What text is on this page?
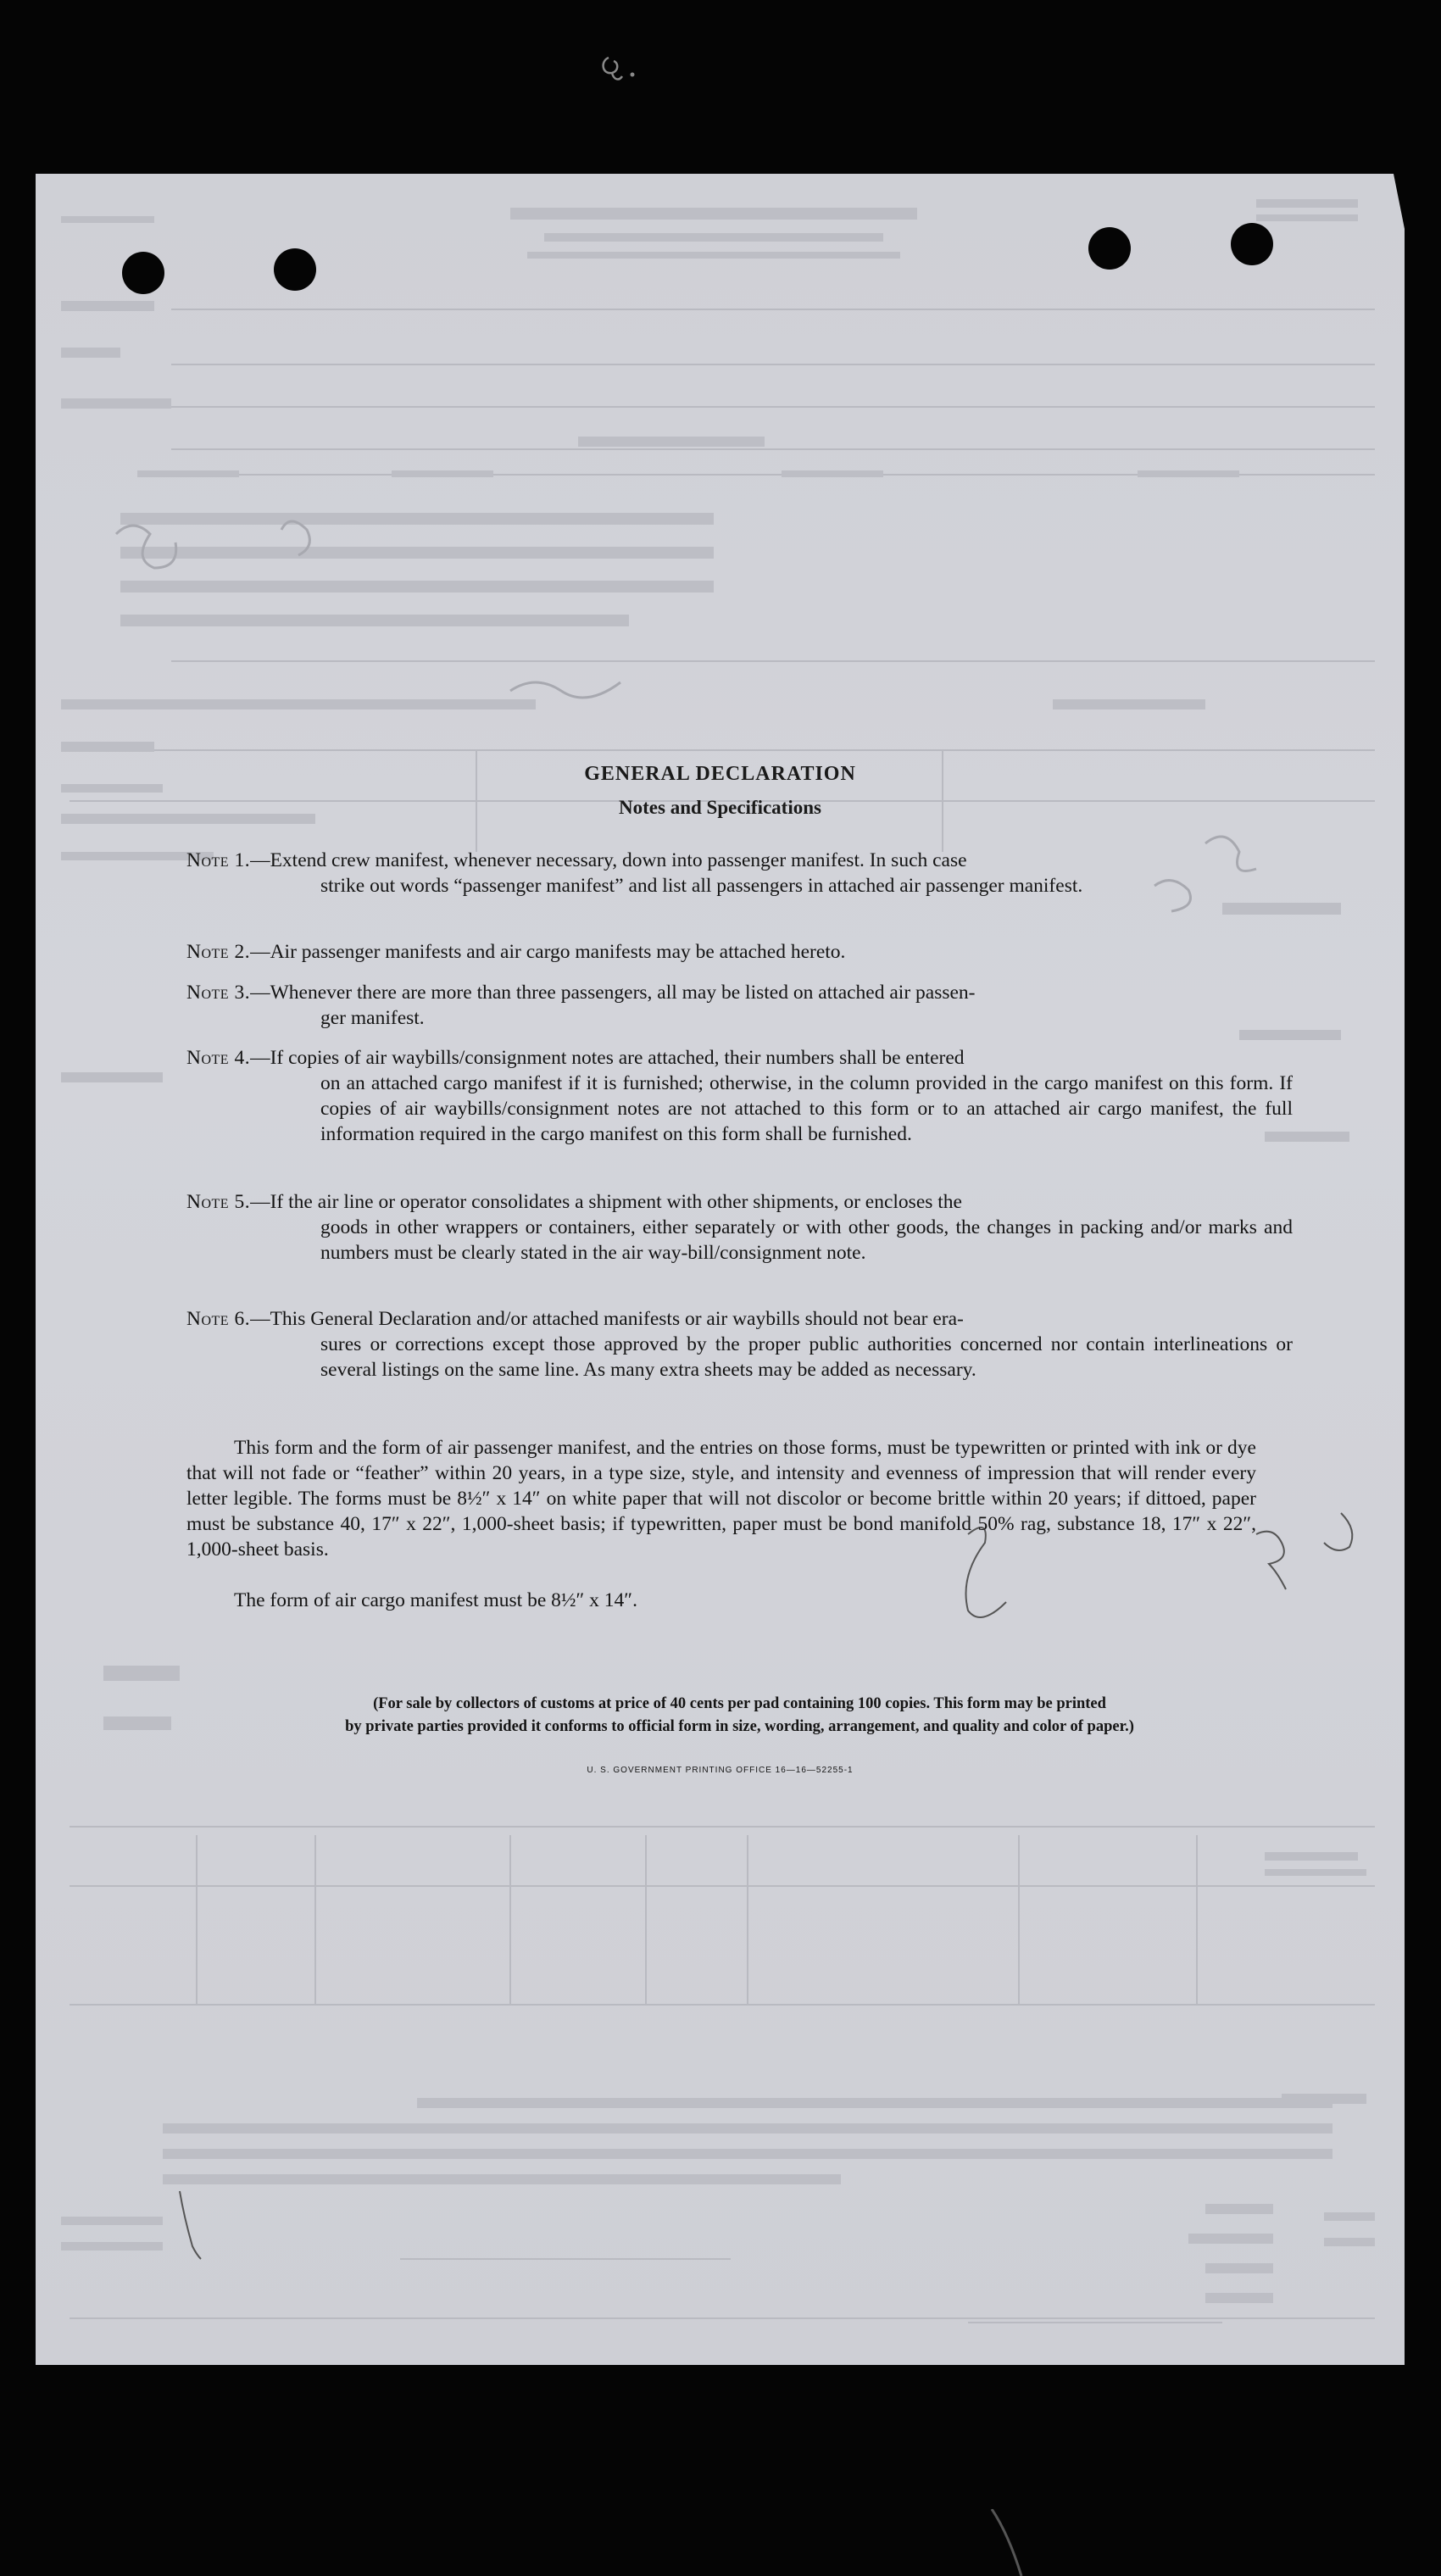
GENERAL DECLARATION
Notes and Specifications
Note 1.—Extend crew manifest, whenever necessary, down into passenger manifest. In such case
strike out words “passenger manifest” and list all passengers in attached air passenger manifest.
Note 2.—Air passenger manifests and air cargo manifests may be attached hereto.
Note 3.—Whenever there are more than three passengers, all may be listed on attached air passen-
ger manifest.
Note 4.—If copies of air waybills/consignment notes are attached, their numbers shall be entered
on an attached cargo manifest if it is furnished; otherwise, in the column provided in the cargo manifest on this form. If copies of air waybills/consignment notes are not attached to this form or to an attached air cargo manifest, the full information required in the cargo manifest on this form shall be furnished.
Note 5.—If the air line or operator consolidates a shipment with other shipments, or encloses the
goods in other wrappers or containers, either separately or with other goods, the changes in packing and/or marks and numbers must be clearly stated in the air way-bill/consignment note.
Note 6.—This General Declaration and/or attached manifests or air waybills should not bear era-
sures or corrections except those approved by the proper public authorities concerned nor contain interlineations or several listings on the same line. As many extra sheets may be added as necessary.
This form and the form of air passenger manifest, and the entries on those forms, must be typewritten or printed with ink or dye that will not fade or “feather” within 20 years, in a type size, style, and intensity and evenness of impression that will render every letter legible. The forms must be 8½″ x 14″ on white paper that will not discolor or become brittle within 20 years; if dittoed, paper must be substance 40, 17″ x 22″, 1,000-sheet basis; if typewritten, paper must be bond manifold 50% rag, substance 18, 17″ x 22″, 1,000-sheet basis.
The form of air cargo manifest must be 8½″ x 14″.
(For sale by collectors of customs at price of 40 cents per pad containing 100 copies. This form may be printed
by private parties provided it conforms to official form in size, wording, arrangement, and quality and color of paper.)
U. S. GOVERNMENT PRINTING OFFICE 16—16—52255-1
